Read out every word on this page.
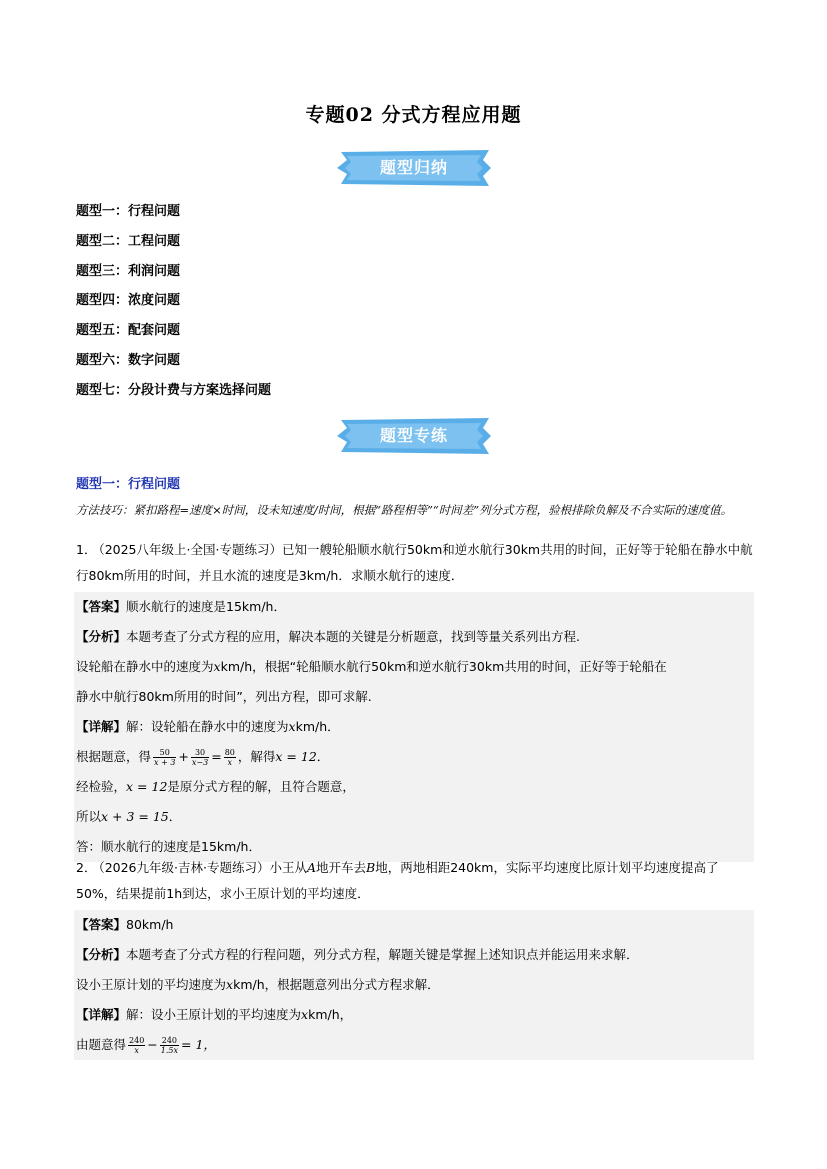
专题02 分式方程应用题
题型归纳
题型一：行程问题
题型二：工程问题
题型三：利润问题
题型四：浓度问题
题型五：配套问题
题型六：数字问题
题型七：分段计费与方案选择问题
题型专练
题型一：行程问题
方法技巧：紧扣路程=速度×时间，设未知速度/时间，根据“路程相等”“时间差”列分式方程，验根排除负解及不合实际的速度值。
1． （2025八年级上·全国·专题练习）已知一艘轮船顺水航行50km和逆水航行30km共用的时间，正好等于轮船在静水中航行80km所用的时间，并且水流的速度是3km/h．求顺水航行的速度．
【答案】顺水航行的速度是15km/h．
【分析】本题考查了分式方程的应用，解决本题的关键是分析题意，找到等量关系列出方程.
设轮船在静水中的速度为xkm/h，根据“轮船顺水航行50km和逆水航行30km共用的时间，正好等于轮船在
静水中航行80km所用的时间”，列出方程，即可求解.
【详解】解：设轮船在静水中的速度为xkm/h．
根据题意，得 $\frac{50}{x + 3} + \frac{30}{x-3} = \frac{80}{x}$ ，解得x = 12．
经检验，x = 12是原分式方程的解，且符合题意，
所以x + 3 = 15．
答：顺水航行的速度是15km/h．
2． （2026九年级·吉林·专题练习）小王从A地开车去B地，两地相距240km，实际平均速度比原计划平均速度提高了50%，结果提前1h到达，求小王原计划的平均速度．
【答案】80km/h
【分析】本题考查了分式方程的行程问题，列分式方程，解题关键是掌握上述知识点并能运用来求解．
设小王原计划的平均速度为xkm/h，根据题意列出分式方程求解．
【详解】解：设小王原计划的平均速度为xkm/h，
由题意得 $\frac{240}{x} - \frac{240}{1.5x} = 1$，
